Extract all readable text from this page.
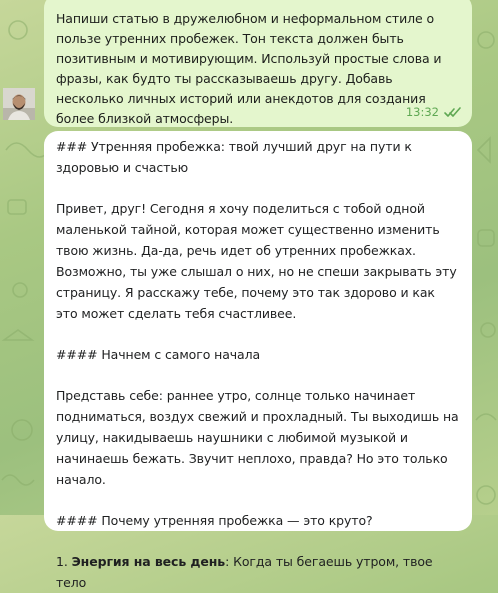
Напиши статью в дружелюбном и неформальном стиле о пользе утренних пробежек. Тон текста должен быть позитивным и мотивирующим. Используй простые слова и фразы, как будто ты рассказываешь другу. Добавь несколько личных историй или анекдотов для создания более близкой атмосферы.	13:32

### Утренняя пробежка: твой лучший друг на пути к здоровью и счастью

Привет, друг! Сегодня я хочу поделиться с тобой одной маленькой тайной, которая может существенно изменить твою жизнь. Да-да, речь идет об утренних пробежках. Возможно, ты уже слышал о них, но не спеши закрывать эту страницу. Я расскажу тебе, почему это так здорово и как это может сделать тебя счастливее.

#### Начнем с самого начала

Представь себе: раннее утро, солнце только начинает подниматься, воздух свежий и прохладный. Ты выходишь на улицу, накидываешь наушники с любимой музыкой и начинаешь бежать. Звучит неплохо, правда? Но это только начало.

#### Почему утренняя пробежка — это круто?

1. Энергия на весь день: Когда ты бегаешь утром, твое тело
